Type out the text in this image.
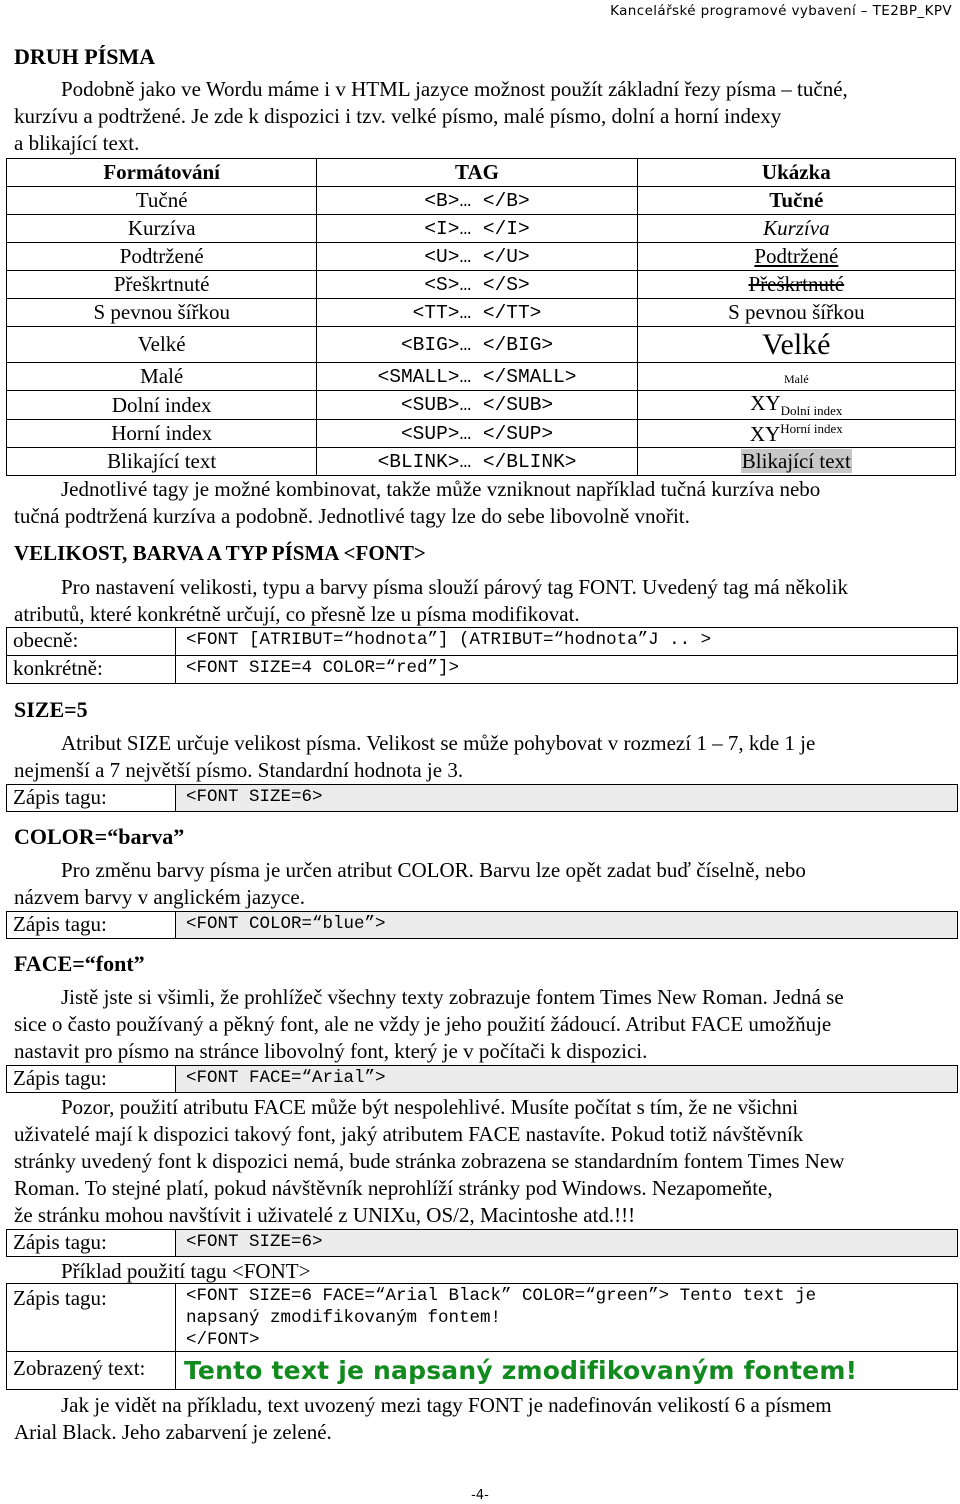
Kancelářské programové vybavení – TE2BP_KPV
DRUH PÍSMA
Podobně jako ve Wordu máme i v HTML jazyce možnost použít základní řezy písma – tučné,
kurzívu a podtržené. Je zde k dispozici i tzv. velké písmo, malé písmo, dolní a horní indexy
a blikající text.
Formátování	TAG	Ukázka
Tučné	<B>… </B>	Tučné
Kurzíva	<I>… </I>	Kurzíva
Podtržené	<U>… </U>	Podtržené
Přeškrtnuté	<S>… </S>	Přeškrtnuté
S pevnou šířkou	<TT>… </TT>	S pevnou šířkou
Velké	<BIG>… </BIG>	Velké
Malé	<SMALL>… </SMALL>	Malé
Dolní index	<SUB>… </SUB>	$XY_{Dolní index}$
Horní index	<SUP>… </SUP>	$XY^{Horní index}$
Blikající text	<BLINK>… </BLINK>	Blikající text
Jednotlivé tagy je možné kombinovat, takže může vzniknout například tučná kurzíva nebo
tučná podtržená kurzíva a podobně. Jednotlivé tagy lze do sebe libovolně vnořit.
VELIKOST, BARVA A TYP PÍSMA <FONT>
Pro nastavení velikosti, typu a barvy písma slouží párový tag FONT. Uvedený tag má několik
atributů, které konkrétně určují, co přesně lze u písma modifikovat.
obecně:	<FONT [ATRIBUT=“hodnota”] (ATRIBUT=“hodnota”J .. >
konkrétně:	<FONT SIZE=4 COLOR=“red”]>
SIZE=5
Atribut SIZE určuje velikost písma. Velikost se může pohybovat v rozmezí 1 – 7, kde 1 je
nejmenší a 7 největší písmo. Standardní hodnota je 3.
Zápis tagu:	<FONT SIZE=6>
COLOR=“barva”
Pro změnu barvy písma je určen atribut COLOR. Barvu lze opět zadat buď číselně, nebo
názvem barvy v anglickém jazyce.
Zápis tagu:	<FONT COLOR=“blue”>
FACE=“font”
Jistě jste si všimli, že prohlížeč všechny texty zobrazuje fontem Times New Roman. Jedná se
sice o často používaný a pěkný font, ale ne vždy je jeho použití žádoucí. Atribut FACE umožňuje
nastavit pro písmo na stránce libovolný font, který je v počítači k dispozici.
Zápis tagu:	<FONT FACE=“Arial”>
Pozor, použití atributu FACE může být nespolehlivé. Musíte počítat s tím, že ne všichni
uživatelé mají k dispozici takový font, jaký atributem FACE nastavíte. Pokud totiž návštěvník
stránky uvedený font k dispozici nemá, bude stránka zobrazena se standardním fontem Times New
Roman. To stejné platí, pokud návštěvník neprohlíží stránky pod Windows. Nezapomeňte,
že stránku mohou navštívit i uživatelé z UNIXu, OS/2, Macintoshe atd.!!!
Zápis tagu:	<FONT SIZE=6>
Příklad použití tagu <FONT>
Zápis tagu:	<FONT SIZE=6 FACE=“Arial Black” COLOR=“green”> Tento text je
napsaný zmodifikovaným fontem!
</FONT>

Zobrazený text:	Tento text je napsaný zmodifikovaným fontem!
Jak je vidět na příkladu, text uvozený mezi tagy FONT je nadefinován velikostí 6 a písmem
Arial Black. Jeho zabarvení je zelené.
-4-
